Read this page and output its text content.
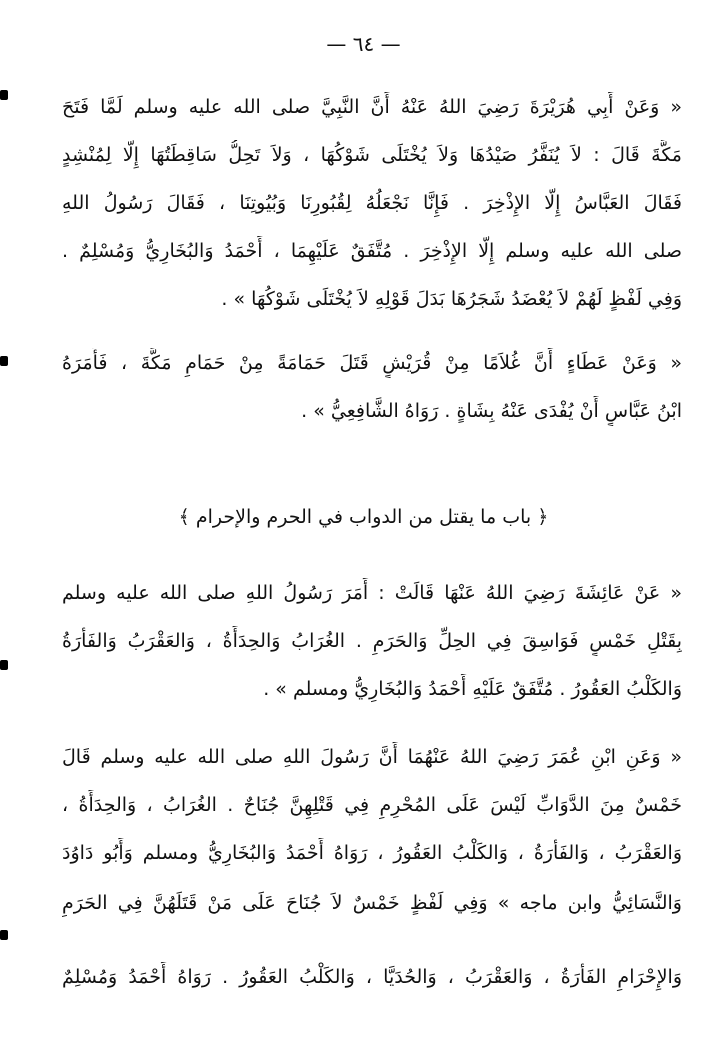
— ٦٤ —
« وَعَنْ أَبِي هُرَيْرَةَ رَضِيَ اللهُ عَنْهُ أَنَّ النَّبِيَّ صلى الله عليه وسلم لَمَّا فَتَحَ
مَكَّةَ قَالَ : لاَ يُنَفَّرُ صَيْدُهَا وَلاَ يُخْتَلَى شَوْكُهَا ، وَلاَ تَحِلُّ سَاقِطَتُهَا إِلَّا لِمُنْشِدٍ
فَقَالَ العَبَّاسُ إِلَّا الإِذْخِرَ . فَإِنَّا نَجْعَلُهُ لِقُبُورِنَا وَبُيُوتِنَا ، فَقَالَ رَسُولُ اللهِ
صلى الله عليه وسلم إِلَّا الإِذْخِرَ . مُتَّفَقٌ عَلَيْهِمَا ، أَحْمَدُ وَالبُخَارِيُّ وَمُسْلِمٌ .
وَفِي لَفْظٍ لَهُمْ لاَ يُعْضَدُ شَجَرُهَا بَدَلَ قَوْلِهِ لاَ يُخْتَلَى شَوْكُهَا » .
« وَعَنْ عَطَاءٍ أَنَّ غُلاَمًا مِنْ قُرَيْشٍ قَتَلَ حَمَامَةً مِنْ حَمَامِ مَكَّةَ ، فَأَمَرَهُ
ابْنُ عَبَّاسٍ أَنْ يُفْدَى عَنْهُ بِشَاةٍ . رَوَاهُ الشَّافِعِيُّ » .
﴿ باب ما يقتل من الدواب في الحرم والإحرام ﴾
« عَنْ عَائِشَةَ رَضِيَ اللهُ عَنْهَا قَالَتْ : أَمَرَ رَسُولُ اللهِ صلى الله عليه وسلم
بِقَتْلِ خَمْسٍ فَوَاسِقَ فِي الحِلِّ وَالحَرَمِ . الغُرَابُ وَالحِدَأَةُ ، وَالعَقْرَبُ وَالفَأْرَةُ
وَالكَلْبُ العَقُورُ . مُتَّفَقٌ عَلَيْهِ أَحْمَدُ وَالبُخَارِيُّ ومسلم » .
« وَعَنِ ابْنِ عُمَرَ رَضِيَ اللهُ عَنْهُمَا أَنَّ رَسُولَ اللهِ صلى الله عليه وسلم قَالَ
خَمْسٌ مِنَ الدَّوَابِّ لَيْسَ عَلَى المُحْرِمِ فِي قَتْلِهِنَّ جُنَاحٌ . الغُرَابُ ، وَالحِدَأَةُ ،
وَالعَقْرَبُ ، وَالفَأْرَةُ ، وَالكَلْبُ العَقُورُ ، رَوَاهُ أَحْمَدُ وَالبُخَارِيُّ ومسلم وَأَبُو دَاوُدَ
وَالنَّسَائِيُّ وابن ماجه » وَفِي لَفْظٍ خَمْسٌ لاَ جُنَاحَ عَلَى مَنْ قَتَلَهُنَّ فِي الحَرَمِ
وَالإِحْرَامِ الفَأْرَةُ ، وَالعَقْرَبُ ، وَالحُدَيَّا ، وَالكَلْبُ العَقُورُ . رَوَاهُ أَحْمَدُ وَمُسْلِمٌ
